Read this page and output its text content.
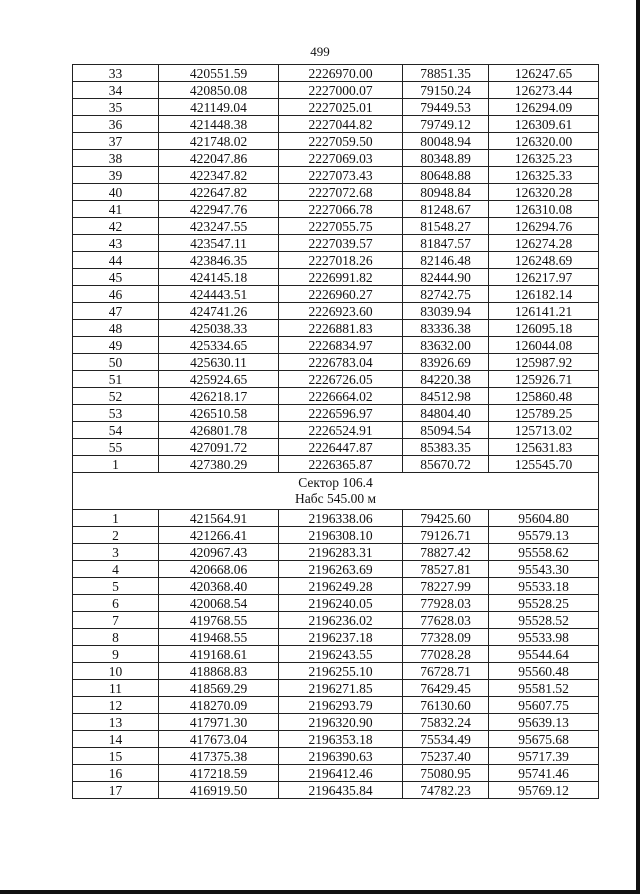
499
33	420551.59	2226970.00	78851.35	126247.65
34	420850.08	2227000.07	79150.24	126273.44
35	421149.04	2227025.01	79449.53	126294.09
36	421448.38	2227044.82	79749.12	126309.61
37	421748.02	2227059.50	80048.94	126320.00
38	422047.86	2227069.03	80348.89	126325.23
39	422347.82	2227073.43	80648.88	126325.33
40	422647.82	2227072.68	80948.84	126320.28
41	422947.76	2227066.78	81248.67	126310.08
42	423247.55	2227055.75	81548.27	126294.76
43	423547.11	2227039.57	81847.57	126274.28
44	423846.35	2227018.26	82146.48	126248.69
45	424145.18	2226991.82	82444.90	126217.97
46	424443.51	2226960.27	82742.75	126182.14
47	424741.26	2226923.60	83039.94	126141.21
48	425038.33	2226881.83	83336.38	126095.18
49	425334.65	2226834.97	83632.00	126044.08
50	425630.11	2226783.04	83926.69	125987.92
51	425924.65	2226726.05	84220.38	125926.71
52	426218.17	2226664.02	84512.98	125860.48
53	426510.58	2226596.97	84804.40	125789.25
54	426801.78	2226524.91	85094.54	125713.02
55	427091.72	2226447.87	85383.35	125631.83
1	427380.29	2226365.87	85670.72	125545.70

Сектор 106.4
Набс 545.00 м				

1	421564.91	2196338.06	79425.60	95604.80
2	421266.41	2196308.10	79126.71	95579.13
3	420967.43	2196283.31	78827.42	95558.62
4	420668.06	2196263.69	78527.81	95543.30
5	420368.40	2196249.28	78227.99	95533.18
6	420068.54	2196240.05	77928.03	95528.25
7	419768.55	2196236.02	77628.03	95528.52
8	419468.55	2196237.18	77328.09	95533.98
9	419168.61	2196243.55	77028.28	95544.64
10	418868.83	2196255.10	76728.71	95560.48
11	418569.29	2196271.85	76429.45	95581.52
12	418270.09	2196293.79	76130.60	95607.75
13	417971.30	2196320.90	75832.24	95639.13
14	417673.04	2196353.18	75534.49	95675.68
15	417375.38	2196390.63	75237.40	95717.39
16	417218.59	2196412.46	75080.95	95741.46
17	416919.50	2196435.84	74782.23	95769.12
